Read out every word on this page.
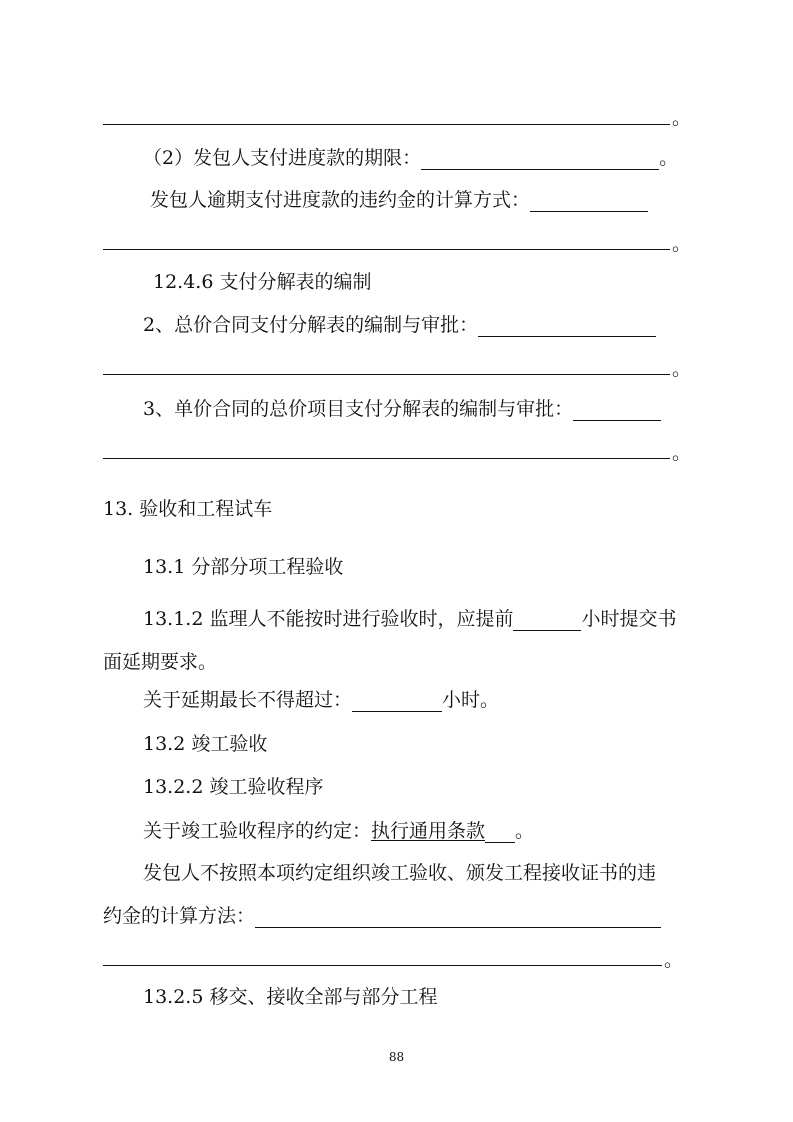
。
（2）发包人支付进度款的期限：	。
发包人逾期支付进度款的违约金的计算方式：
。
12.4.6 支付分解表的编制
2、总价合同支付分解表的编制与审批：
。
3、单价合同的总价项目支付分解表的编制与审批：
。
13. 验收和工程试车
13.1 分部分项工程验收
13.1.2 监理人不能按时进行验收时，应提前	小时提交书
面延期要求。
关于延期最长不得超过：	小时。
13.2 竣工验收
13.2.2 竣工验收程序
关于竣工验收程序的约定： 执行通用条款 。
发包人不按照本项约定组织竣工验收、颁发工程接收证书的违
约金的计算方法：
。
13.2.5 移交、接收全部与部分工程
88
